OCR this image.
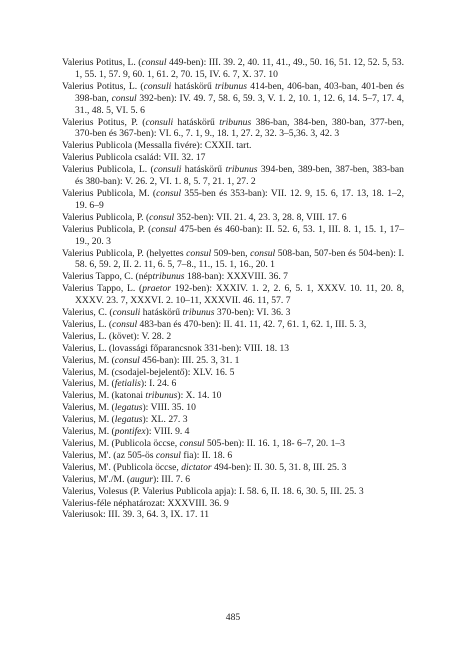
Valerius Potitus, L. (consul 449-ben): III. 39. 2, 40. 11, 41., 49., 50. 16, 51. 12, 52. 5, 53. 1, 55. 1, 57. 9, 60. 1, 61. 2, 70. 15, IV. 6. 7, X. 37. 10
Valerius Potitus, L. (consuli hatáskörű tribunus 414-ben, 406-ban, 403-ban, 401-ben és 398-ban, consul 392-ben): IV. 49. 7, 58. 6, 59. 3, V. 1. 2, 10. 1, 12. 6, 14. 5–7, 17. 4, 31., 48. 5, VI. 5. 6
Valerius Potitus, P. (consuli hatáskörű tribunus 386-ban, 384-ben, 380-ban, 377-ben, 370-ben és 367-ben): VI. 6., 7. 1, 9., 18. 1, 27. 2, 32. 3–5,36. 3, 42. 3
Valerius Publicola (Messalla fivére): CXXII. tart.
Valerius Publicola család: VII. 32. 17
Valerius Publicola, L. (consuli hatáskörű tribunus 394-ben, 389-ben, 387-ben, 383-ban és 380-ban): V. 26. 2, VI. 1. 8, 5. 7, 21. 1, 27. 2
Valerius Publicola, M. (consul 355-ben és 353-ban): VII. 12. 9, 15. 6, 17. 13, 18. 1–2, 19. 6–9
Valerius Publicola, P. (consul 352-ben): VII. 21. 4, 23. 3, 28. 8, VIII. 17. 6
Valerius Publicola, P. (consul 475-ben és 460-ban): II. 52. 6, 53. 1, III. 8. 1, 15. 1, 17–19., 20. 3
Valerius Publicola, P. (helyettes consul 509-ben, consul 508-ban, 507-ben és 504-ben): I. 58. 6, 59. 2, II. 2. 11, 6. 5, 7–8., 11., 15. 1, 16., 20. 1
Valerius Tappo, C. (néptribunus 188-ban): XXXVIII. 36. 7
Valerius Tappo, L. (praetor 192-ben): XXXIV. 1. 2, 2. 6, 5. 1, XXXV. 10. 11, 20. 8, XXXV. 23. 7, XXXVI. 2. 10–11, XXXVII. 46. 11, 57. 7
Valerius, C. (consuli hatáskörű tribunus 370-ben): VI. 36. 3
Valerius, L. (consul 483-ban és 470-ben): II. 41. 11, 42. 7, 61. 1, 62. 1, III. 5. 3,
Valerius, L. (követ): V. 28. 2
Valerius, L. (lovassági főparancsnok 331-ben): VIII. 18. 13
Valerius, M. (consul 456-ban): III. 25. 3, 31. 1
Valerius, M. (csodajel-bejelentő): XLV. 16. 5
Valerius, M. (fetialis): I. 24. 6
Valerius, M. (katonai tribunus): X. 14. 10
Valerius, M. (legatus): VIII. 35. 10
Valerius, M. (legatus): XL. 27. 3
Valerius, M. (pontifex): VIII. 9. 4
Valerius, M. (Publicola öccse, consul 505-ben): II. 16. 1, 18- 6–7, 20. 1–3
Valerius, M'. (az 505-ös consul fia): II. 18. 6
Valerius, M'. (Publicola öccse, dictator 494-ben): II. 30. 5, 31. 8, III. 25. 3
Valerius, M'./M. (augur): III. 7. 6
Valerius, Volesus (P. Valerius Publicola apja): I. 58. 6, II. 18. 6, 30. 5, III. 25. 3
Valerius-féle néphatározat: XXXVIII. 36. 9
Valeriusok: III. 39. 3, 64. 3, IX. 17. 11
485
